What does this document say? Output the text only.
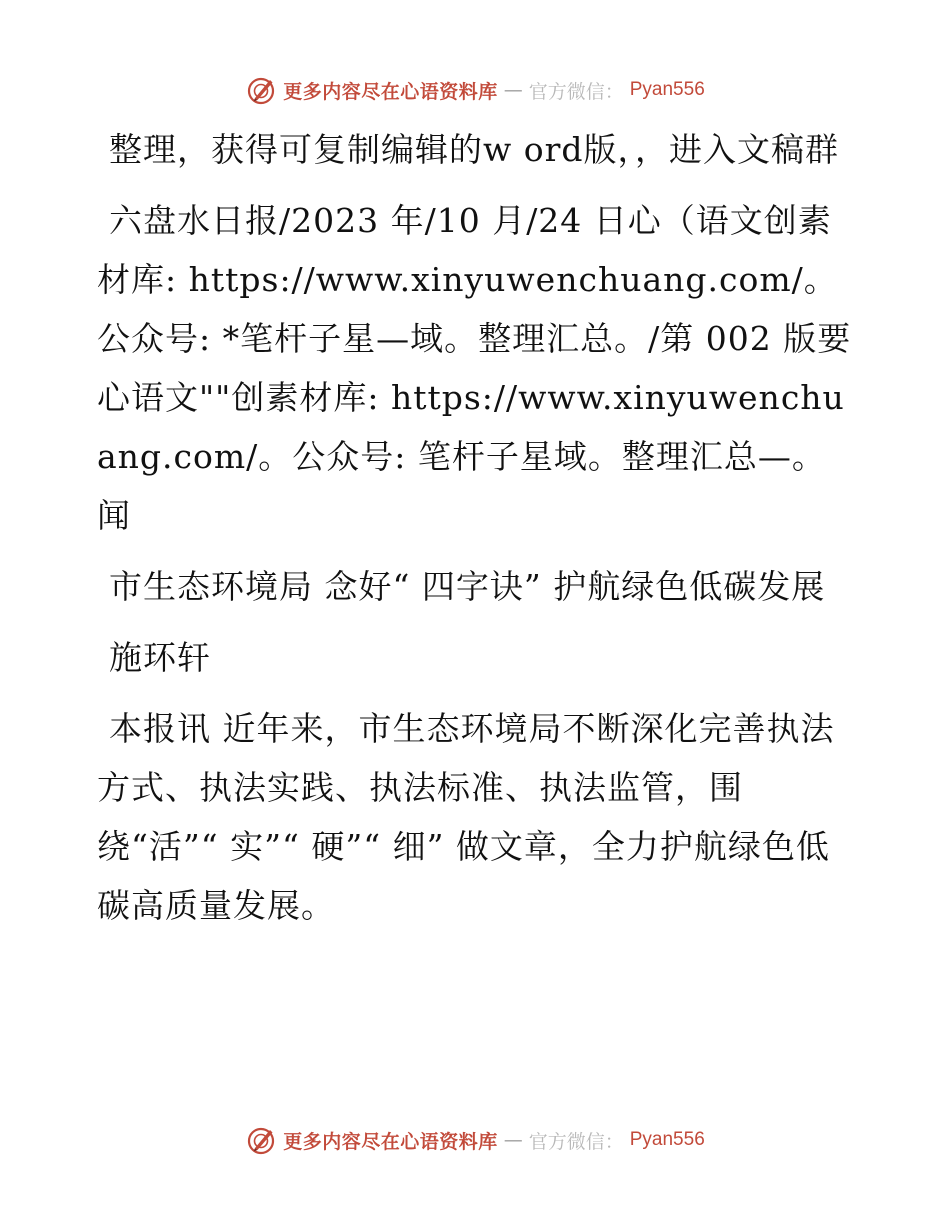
更多内容尽在心语资料库 — 官方微信： Pyan556

整理，获得可复制编辑的w ord版，，进入文稿群

六盘水日报/2023 年/10 月/24 日心（语文创素材库: https://www.xinyuwenchuang.com/。公众号: *笔杆子星—域。整理汇总。/第 002 版要心语文""创素材库: https://www.xinyuwenchuang.com/。公众号: 笔杆子星域。整理汇总—。闻

市生态环境局 念好“ 四字诀” 护航绿色低碳发展

施环轩

本报讯 近年来，市生态环境局不断深化完善执法方式、执法实践、执法标准、执法监管，围绕“活”“ 实”“ 硬”“ 细” 做文章，全力护航绿色低碳高质量发展。

更多内容尽在心语资料库 — 官方微信： Pyan556
